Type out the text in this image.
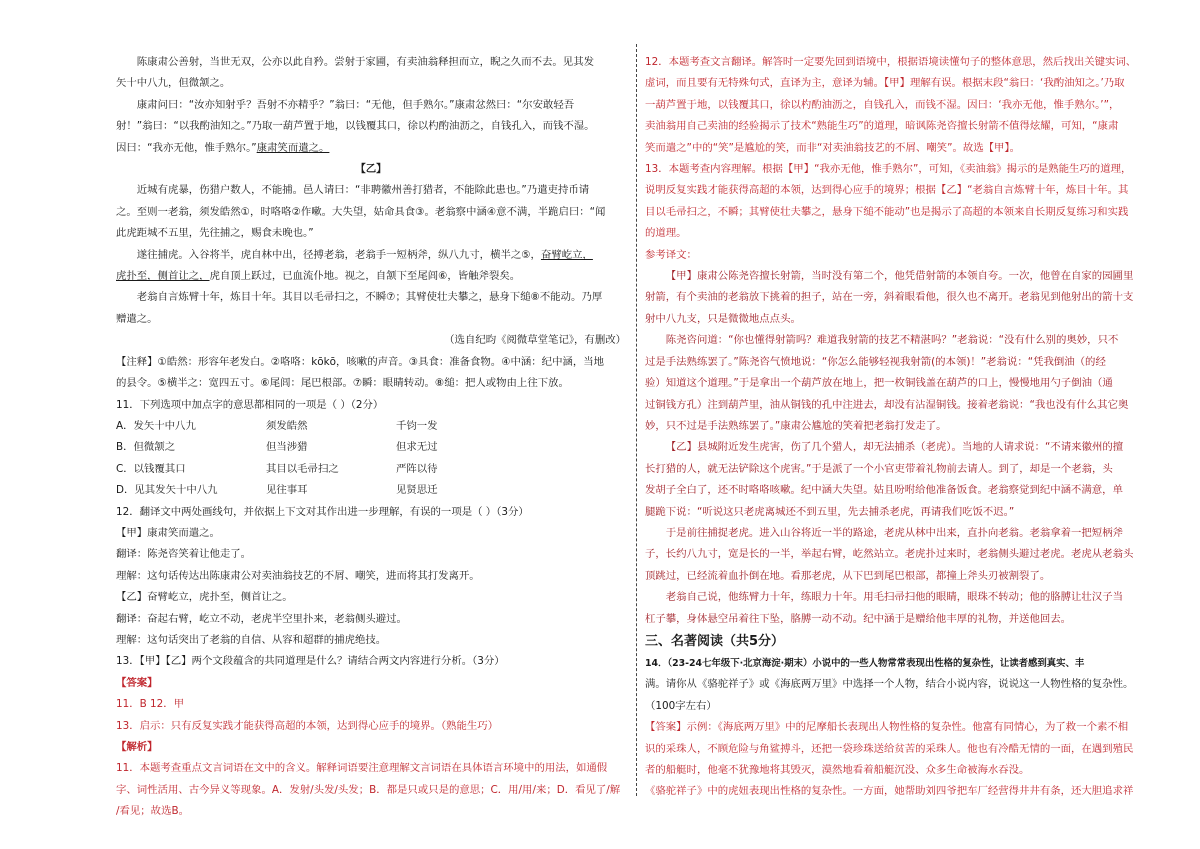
陈康肃公善射，当世无双，公亦以此自矜。尝射于家圃，有卖油翁释担而立，睨之久而不去。见其发

矢十中八九，但微颔之。

康肃问曰：“汝亦知射乎？吾射不亦精乎？”翁曰：“无他，但手熟尔。”康肃忿然曰：“尔安敢轻吾

射！”翁曰：“以我酌油知之。”乃取一葫芦置于地，以钱覆其口，徐以杓酌油沥之，自钱孔入，而钱不湿。

因曰：“我亦无他，惟手熟尔。”康肃笑而遣之。

【乙】

近城有虎暴，伤猎户数人，不能捕。邑人请曰：“非聘徽州善打猎者，不能除此患也。”乃遣吏持币请

之。至则一老翁，须发皓然①，时咯咯②作嗽。大失望，姑命具食③。老翁察中涵④意不满，半跪启曰：“闻

此虎距城不五里，先往捕之，赐食未晚也。”

遂往捕虎。入谷将半，虎自林中出，径搏老翁，老翁手一短柄斧，纵八九寸，横半之⑤，奋臂屹立，

虎扑至，侧首让之，虎自顶上跃过，已血流仆地。视之，自颔下至尾闾⑥，皆触斧裂矣。

老翁自言炼臂十年，炼目十年。其目以毛帚扫之，不瞬⑦；其臂使壮夫攀之，悬身下缒⑧不能动。乃厚

赠遣之。

（选自纪昀《阅微草堂笔记》，有删改）

【注释】①皓然：形容年老发白。②咯咯：kōkō，咳嗽的声音。③具食：准备食物。④中涵：纪中涵，当地

的县令。⑤横半之：宽四五寸。⑥尾闾：尾巴根部。⑦瞬：眼睛转动。⑧缒：把人或物由上往下放。

11．下列选项中加点字的意思都相同的一项是（ ）（2分）

A．发矢十中八九	须发皓然	千钧一发
B．但微颔之	但当涉猎	但求无过
C．以钱覆其口	其目以毛帚扫之	严阵以待
D．见其发矢十中八九	见往事耳	见贤思迁

12．翻译文中两处画线句，并依据上下文对其作出进一步理解，有误的一项是（ ）（3分）

【甲】康肃笑而遣之。

翻译：陈尧咨笑着让他走了。

理解：这句话传达出陈康肃公对卖油翁技艺的不屑、嘲笑，进而将其打发离开。

【乙】奋臂屹立，虎扑至，侧首让之。

翻译：奋起右臂，屹立不动，老虎半空里扑来，老翁侧头避过。

理解：这句话突出了老翁的自信、从容和超群的捕虎绝技。

13．【甲】【乙】两个文段蕴含的共同道理是什么？请结合两文内容进行分析。（3分）

【答案】

11．B 12．甲

13．启示：只有反复实践才能获得高超的本领，达到得心应手的境界。（熟能生巧）

【解析】

11．本题考查重点文言词语在文中的含义。解释词语要注意理解文言词语在具体语言环境中的用法，如通假

字、词性活用、古今异义等现象。A．发射/头发/头发；B．都是只或只是的意思；C．用/用/来；D．看见了/解

/看见；故选B。

12．本题考查文言翻译。解答时一定要先回到语境中，根据语境读懂句子的整体意思，然后找出关键实词、

虚词，而且要有无特殊句式，直译为主，意译为辅。【甲】理解有误。根据末段“翁曰：‘我酌油知之。’乃取

一葫芦置于地，以钱覆其口，徐以杓酌油沥之，自钱孔入，而钱不湿。因曰：‘我亦无他，惟手熟尔。’”，

卖油翁用自己卖油的经验揭示了技术“熟能生巧”的道理，暗讽陈尧咨擅长射箭不值得炫耀，可知，“康肃

笑而遣之”中的“笑”是尴尬的笑，而非“对卖油翁技艺的不屑、嘲笑”。故选【甲】。

13．本题考查内容理解。根据【甲】“我亦无他，惟手熟尔”，可知，《卖油翁》揭示的是熟能生巧的道理，

说明反复实践才能获得高超的本领，达到得心应手的境界；根据【乙】“老翁自言炼臂十年，炼目十年。其

目以毛帚扫之，不瞬；其臂使壮夫攀之，悬身下缒不能动”也是揭示了高超的本领来自长期反复练习和实践

的道理。

参考译文：

【甲】康肃公陈尧咨擅长射箭，当时没有第二个，他凭借射箭的本领自夸。一次，他曾在自家的园圃里

射箭，有个卖油的老翁放下挑着的担子，站在一旁，斜着眼看他，很久也不离开。老翁见到他射出的箭十支

射中八九支，只是微微地点点头。

陈尧咨问道：“你也懂得射箭吗？难道我射箭的技艺不精湛吗？”老翁说：“没有什么别的奥妙，只不

过是手法熟练罢了。”陈尧咨气愤地说：“你怎么能够轻视我射箭(的本领)！”老翁说：“凭我倒油（的经

验）知道这个道理。”于是拿出一个葫芦放在地上，把一枚铜钱盖在葫芦的口上，慢慢地用勺子倒油（通

过铜钱方孔）注到葫芦里，油从铜钱的孔中注进去，却没有沾湿铜钱。接着老翁说：“我也没有什么其它奥

妙，只不过是手法熟练罢了。”康肃公尴尬的笑着把老翁打发走了。

【乙】县城附近发生虎害，伤了几个猎人，却无法捕杀（老虎）。当地的人请求说：“不请来徽州的擅

长打猎的人，就无法铲除这个虎害。”于是派了一个小官吏带着礼物前去请人。到了，却是一个老翁，头

发胡子全白了，还不时咯咯咳嗽。纪中涵大失望。姑且吩咐给他准备饭食。老翁察觉到纪中涵不满意，单

腿跪下说：“听说这只老虎离城还不到五里，先去捕杀老虎，再请我们吃饭不迟。”

于是前往捕捉老虎。进入山谷将近一半的路途，老虎从林中出来，直扑向老翁。老翁拿着一把短柄斧

子，长约八九寸，宽是长的一半，举起右臂，屹然站立。老虎扑过来时，老翁侧头避过老虎。老虎从老翁头

顶跳过，已经流着血扑倒在地。看那老虎，从下巴到尾巴根部，都撞上斧头刃被割裂了。

老翁自己说，他练臂力十年，练眼力十年。用毛扫帚扫他的眼睛，眼珠不转动；他的胳膊让壮汉子当

杠子攀，身体悬空吊着往下坠，胳膊一动不动。纪中涵于是赠给他丰厚的礼物，并送他回去。

三、名著阅读（共5分）

14．（23-24七年级下·北京海淀·期末）小说中的一些人物常常表现出性格的复杂性，让读者感到真实、丰

满。请你从《骆驼祥子》或《海底两万里》中选择一个人物，结合小说内容，说说这一人物性格的复杂性。

（100字左右）

【答案】示例：《海底两万里》中的尼摩船长表现出人物性格的复杂性。他富有同情心，为了救一个素不相

识的采珠人，不顾危险与角鲨搏斗，还把一袋珍珠送给贫苦的采珠人。他也有冷酷无情的一面，在遇到殖民

者的船艇时，他毫不犹豫地将其毁灭，漠然地看着船艇沉没、众多生命被海水吞没。

《骆驼祥子》中的虎妞表现出性格的复杂性。一方面，她帮助刘四爷把车厂经营得井井有条，还大胆追求祥
